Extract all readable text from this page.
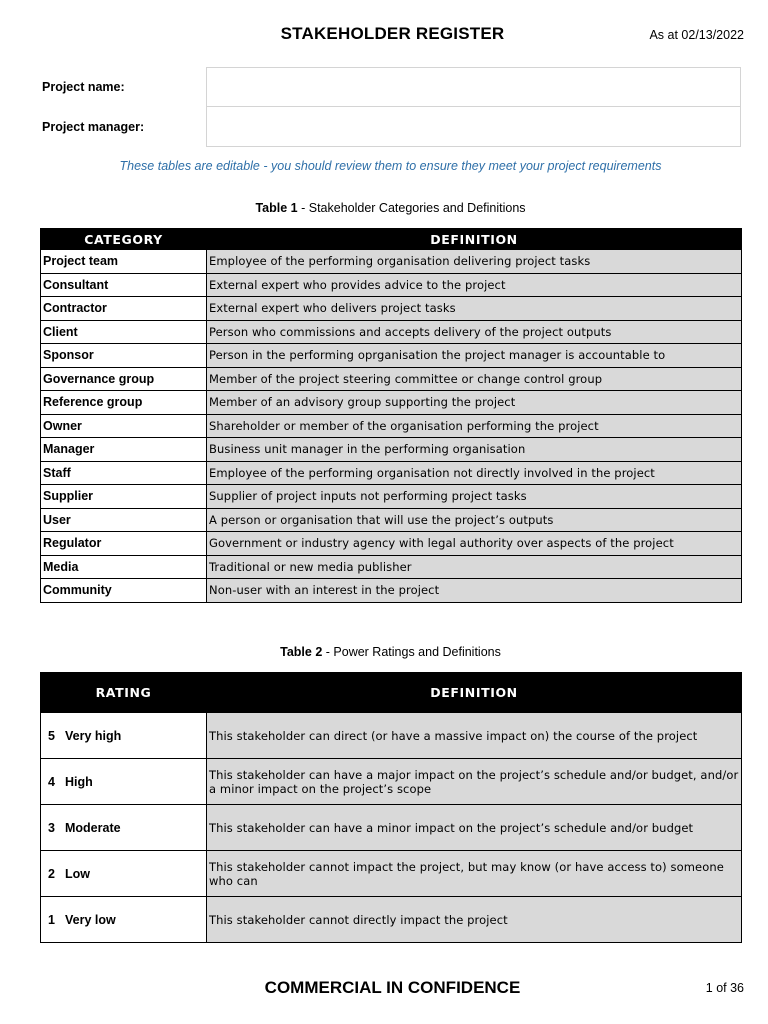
STAKEHOLDER REGISTER	As at 02/13/2022
Project name:
Project manager:
These tables are editable - you should review them to ensure they meet your project requirements
Table 1 - Stakeholder Categories and Definitions
CATEGORY	DEFINITION
Project team	Employee of the performing organisation delivering project tasks
Consultant	External expert who provides advice to the project
Contractor	External expert who delivers project tasks
Client	Person who commissions and accepts delivery of the project outputs
Sponsor	Person in the performing oprganisation the project manager is accountable to
Governance group	Member of the project steering committee or change control group
Reference group	Member of an advisory group supporting the project
Owner	Shareholder or member of the organisation performing the project
Manager	Business unit manager in the performing organisation
Staff	Employee of the performing organisation not directly involved in the project
Supplier	Supplier of project inputs not performing project tasks
User	A person or organisation that will use the project’s outputs
Regulator	Government or industry agency with legal authority over aspects of the project
Media	Traditional or new media publisher
Community	Non-user with an interest in the project
Table 2 - Power Ratings and Definitions
RATING	DEFINITION
5 Very high	This stakeholder can direct (or have a massive impact on) the course of the project
4 High	This stakeholder can have a major impact on the project’s schedule and/or budget, and/or a minor impact on the project’s scope
3 Moderate	This stakeholder can have a minor impact on the project’s schedule and/or budget
2 Low	This stakeholder cannot impact the project, but may know (or have access to) someone who can
1 Very low	This stakeholder cannot directly impact the project
COMMERCIAL IN CONFIDENCE	1 of 36
